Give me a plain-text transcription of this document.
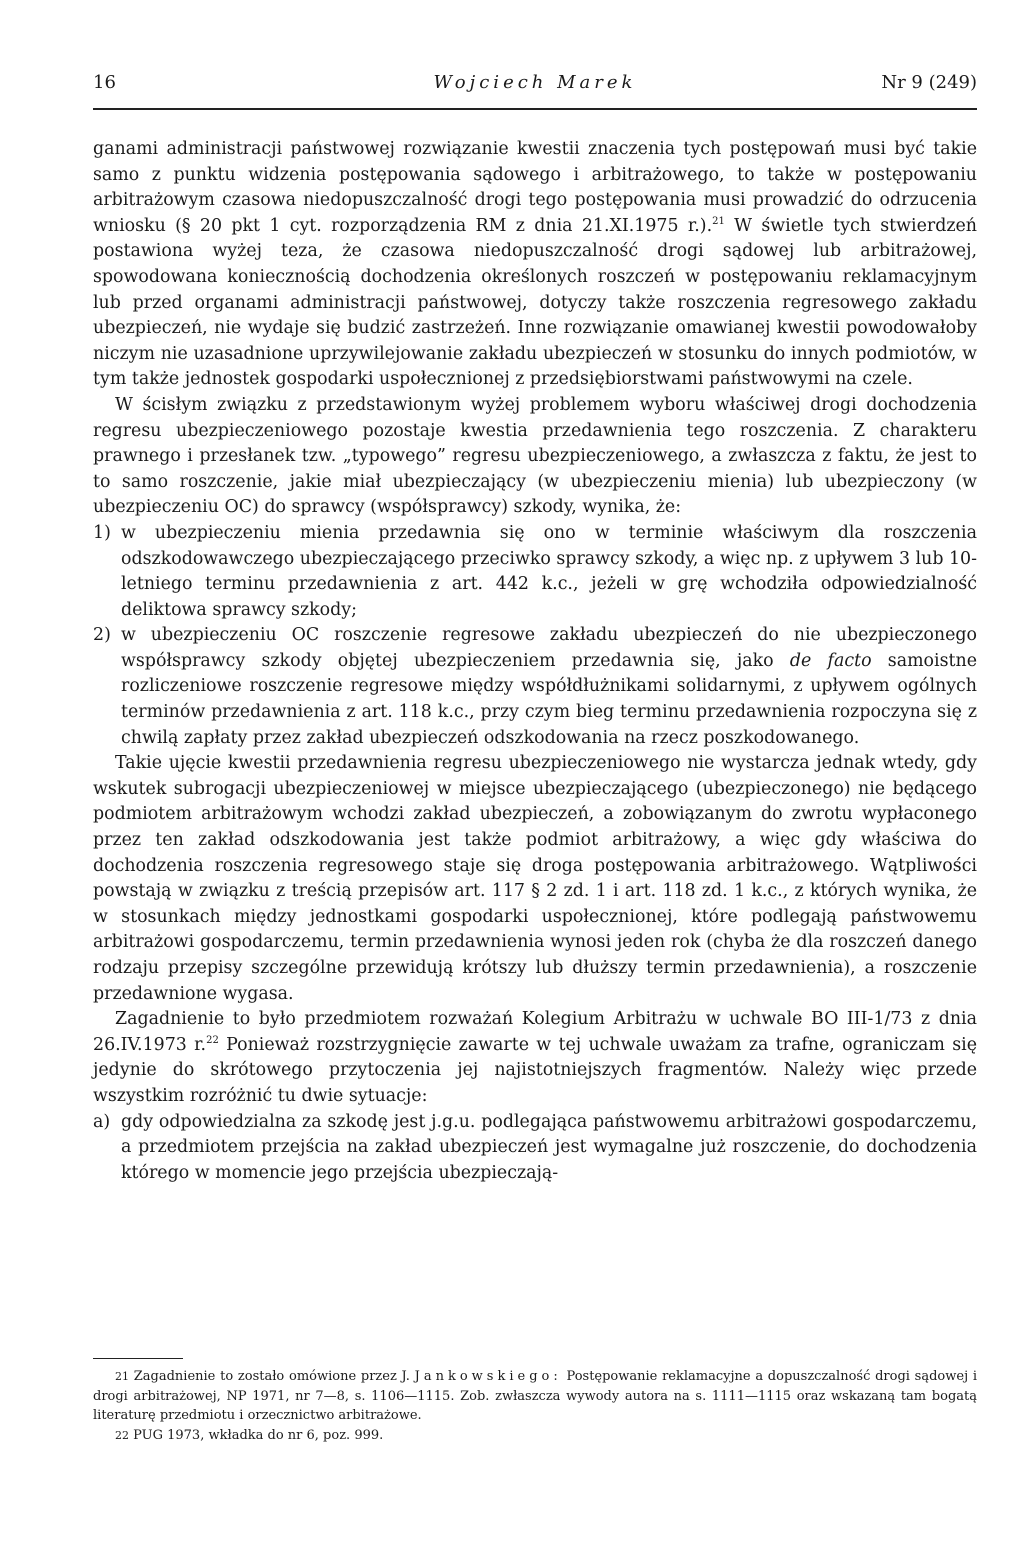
16	Wojciech Marek	Nr 9 (249)

ganami administracji państwowej rozwiązanie kwestii znaczenia tych postępowań musi być takie samo z punktu widzenia postępowania sądowego i arbitrażowego, to także w postępowaniu arbitrażowym czasowa niedopuszczalność drogi tego postępowania musi prowadzić do odrzucenia wniosku (§ 20 pkt 1 cyt. rozporządzenia RM z dnia 21.XI.1975 r.).$^{21}$ W świetle tych stwierdzeń postawiona wyżej teza, że czasowa niedopuszczalność drogi sądowej lub arbitrażowej, spowodowana koniecznością dochodzenia określonych roszczeń w postępowaniu reklamacyjnym lub przed organami administracji państwowej, dotyczy także roszczenia regresowego zakładu ubezpieczeń, nie wydaje się budzić zastrzeżeń. Inne rozwiązanie omawianej kwestii powodowałoby niczym nie uzasadnione uprzywilejowanie zakładu ubezpieczeń w stosunku do innych podmiotów, w tym także jednostek gospodarki uspołecznionej z przedsiębiorstwami państwowymi na czele.

W ścisłym związku z przedstawionym wyżej problemem wyboru właściwej drogi dochodzenia regresu ubezpieczeniowego pozostaje kwestia przedawnienia tego roszczenia. Z charakteru prawnego i przesłanek tzw. „typowego” regresu ubezpieczeniowego, a zwłaszcza z faktu, że jest to to samo roszczenie, jakie miał ubezpieczający (w ubezpieczeniu mienia) lub ubezpieczony (w ubezpieczeniu OC) do sprawcy (współsprawcy) szkody, wynika, że:

1) w ubezpieczeniu mienia przedawnia się ono w terminie właściwym dla roszczenia odszkodowawczego ubezpieczającego przeciwko sprawcy szkody, a więc np. z upływem 3 lub 10-letniego terminu przedawnienia z art. 442 k.c., jeżeli w grę wchodziła odpowiedzialność deliktowa sprawcy szkody;
2) w ubezpieczeniu OC roszczenie regresowe zakładu ubezpieczeń do nie ubezpieczonego współsprawcy szkody objętej ubezpieczeniem przedawnia się, jako de facto samoistne rozliczeniowe roszczenie regresowe między współdłużnikami solidarnymi, z upływem ogólnych terminów przedawnienia z art. 118 k.c., przy czym bieg terminu przedawnienia rozpoczyna się z chwilą zapłaty przez zakład ubezpieczeń odszkodowania na rzecz poszkodowanego.

Takie ujęcie kwestii przedawnienia regresu ubezpieczeniowego nie wystarcza jednak wtedy, gdy wskutek subrogacji ubezpieczeniowej w miejsce ubezpieczającego (ubezpieczonego) nie będącego podmiotem arbitrażowym wchodzi zakład ubezpieczeń, a zobowiązanym do zwrotu wypłaconego przez ten zakład odszkodowania jest także podmiot arbitrażowy, a więc gdy właściwa do dochodzenia roszczenia regresowego staje się droga postępowania arbitrażowego. Wątpliwości powstają w związku z treścią przepisów art. 117 § 2 zd. 1 i art. 118 zd. 1 k.c., z których wynika, że w stosunkach między jednostkami gospodarki uspołecznionej, które podlegają państwowemu arbitrażowi gospodarczemu, termin przedawnienia wynosi jeden rok (chyba że dla roszczeń danego rodzaju przepisy szczególne przewidują krótszy lub dłuższy termin przedawnienia), a roszczenie przedawnione wygasa.

Zagadnienie to było przedmiotem rozważań Kolegium Arbitrażu w uchwale BO III-1/73 z dnia 26.IV.1973 r.$^{22}$ Ponieważ rozstrzygnięcie zawarte w tej uchwale uważam za trafne, ograniczam się jedynie do skrótowego przytoczenia jej najistotniejszych fragmentów. Należy więc przede wszystkim rozróżnić tu dwie sytuacje:

a) gdy odpowiedzialna za szkodę jest j.g.u. podlegająca państwowemu arbitrażowi gospodarczemu, a przedmiotem przejścia na zakład ubezpieczeń jest wymagalne już roszczenie, do dochodzenia którego w momencie jego przejścia ubezpieczają-

21 Zagadnienie to zostało omówione przez J. Jankowskiego: Postępowanie reklamacyjne a dopuszczalność drogi sądowej i drogi arbitrażowej, NP 1971, nr 7—8, s. 1106—1115. Zob. zwłaszcza wywody autora na s. 1111—1115 oraz wskazaną tam bogatą literaturę przedmiotu i orzecznictwo arbitrażowe.

22 PUG 1973, wkładka do nr 6, poz. 999.
